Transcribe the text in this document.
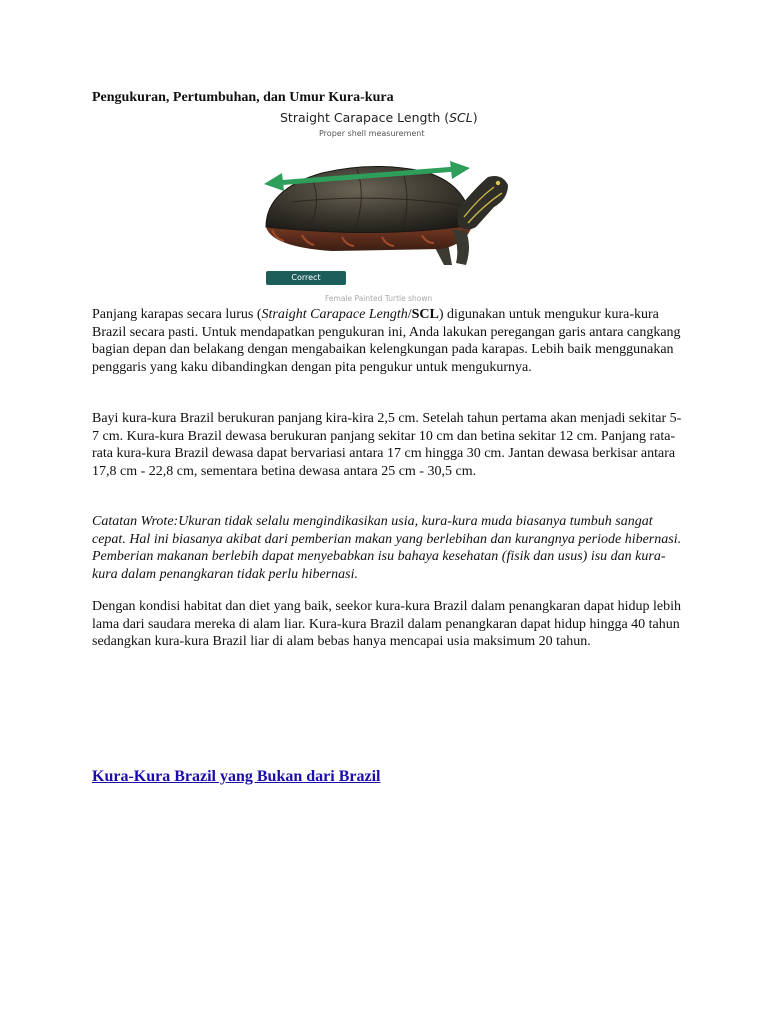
Pengukuran, Pertumbuhan, dan Umur Kura-kura
Straight Carapace Length (SCL)
Proper shell measurement
Correct
Female Painted Turtle shown

Panjang karapas secara lurus (Straight Carapace Length/SCL) digunakan untuk mengukur kura-kura Brazil secara pasti. Untuk mendapatkan pengukuran ini, Anda lakukan peregangan garis antara cangkang bagian depan dan belakang dengan mengabaikan kelengkungan pada karapas. Lebih baik menggunakan penggaris yang kaku dibandingkan dengan pita pengukur untuk mengukurnya.

Bayi kura-kura Brazil berukuran panjang kira-kira 2,5 cm. Setelah tahun pertama akan menjadi sekitar 5-7 cm. Kura-kura Brazil dewasa berukuran panjang sekitar 10 cm dan betina sekitar 12 cm. Panjang rata-rata kura-kura Brazil dewasa dapat bervariasi antara 17 cm hingga 30 cm. Jantan dewasa berkisar antara 17,8 cm - 22,8 cm, sementara betina dewasa antara 25 cm - 30,5 cm.

Catatan Wrote:Ukuran tidak selalu mengindikasikan usia, kura-kura muda biasanya tumbuh sangat cepat. Hal ini biasanya akibat dari pemberian makan yang berlebihan dan kurangnya periode hibernasi. Pemberian makanan berlebih dapat menyebabkan isu bahaya kesehatan (fisik dan usus) isu dan kura-kura dalam penangkaran tidak perlu hibernasi.

Dengan kondisi habitat dan diet yang baik, seekor kura-kura Brazil dalam penangkaran dapat hidup lebih lama dari saudara mereka di alam liar. Kura-kura Brazil dalam penangkaran dapat hidup hingga 40 tahun sedangkan kura-kura Brazil liar di alam bebas hanya mencapai usia maksimum 20 tahun.

Kura-Kura Brazil yang Bukan dari Brazil
